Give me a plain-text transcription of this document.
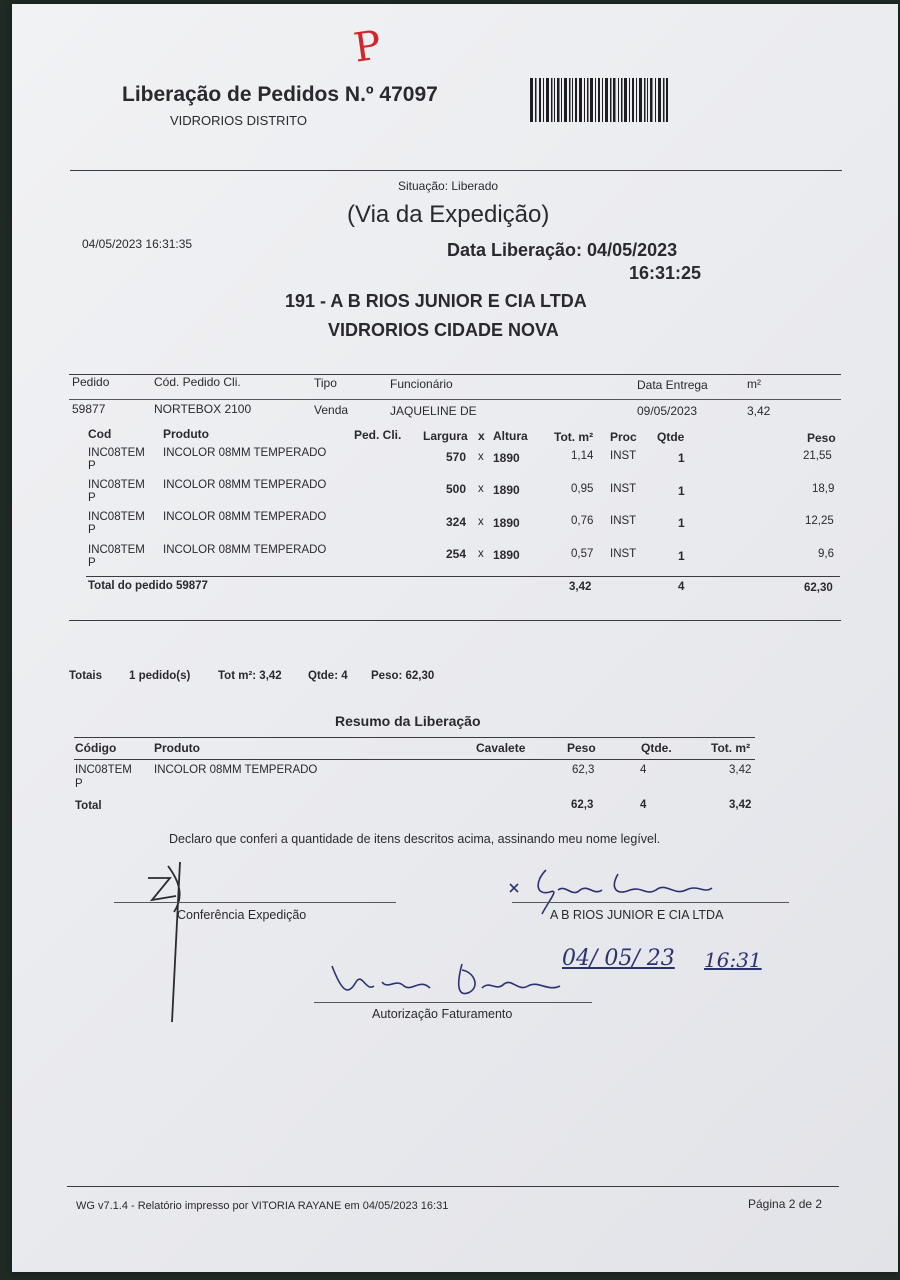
P
Liberação de Pedidos N.º 47097
VIDRORIOS DISTRITO
Situação: Liberado
(Via da Expedição)
04/05/2023 16:31:35	Data Liberação: 04/05/2023
16:31:25
191 - A B RIOS JUNIOR E CIA LTDA
VIDRORIOS CIDADE NOVA
Pedido	Cód. Pedido Cli.	Tipo	Funcionário	Data Entrega	m²
59877	NORTEBOX 2100	Venda	JAQUELINE DE	09/05/2023	3,42
Cod	Produto	Ped. Cli. Largura x Altura Tot. m² Proc Qtde	Peso
INC08TEM
P
INCOLOR 08MM TEMPERADO	570 x 1890	1,14 INST	1	21,55
INC08TEM
P
INCOLOR 08MM TEMPERADO	500 x 1890	0,95 INST	1	18,9
INC08TEM
P
INCOLOR 08MM TEMPERADO	324 x 1890	0,76 INST	1	12,25
INC08TEM
P
INCOLOR 08MM TEMPERADO	254 x 1890	0,57 INST	1	9,6
Total do pedido 59877	3,42	4	62,30
Totais 1 pedido(s) Tot m²: 3,42 Qtde: 4 Peso: 62,30
Resumo da Liberação
Código	Produto	Cavalete	Peso	Qtde.	Tot. m²
INC08TEM
P
INCOLOR 08MM TEMPERADO	62,3	4	3,42
Total	62,3	4	3,42
Declaro que conferi a quantidade de itens descritos acima, assinando meu nome legível.
Conferência Expedição	A B RIOS JUNIOR E CIA LTDA
04/ 05/ 23 16:31
Autorização Faturamento
WG v7.1.4 - Relatório impresso por VITORIA RAYANE em 04/05/2023 16:31	Página 2 de 2
